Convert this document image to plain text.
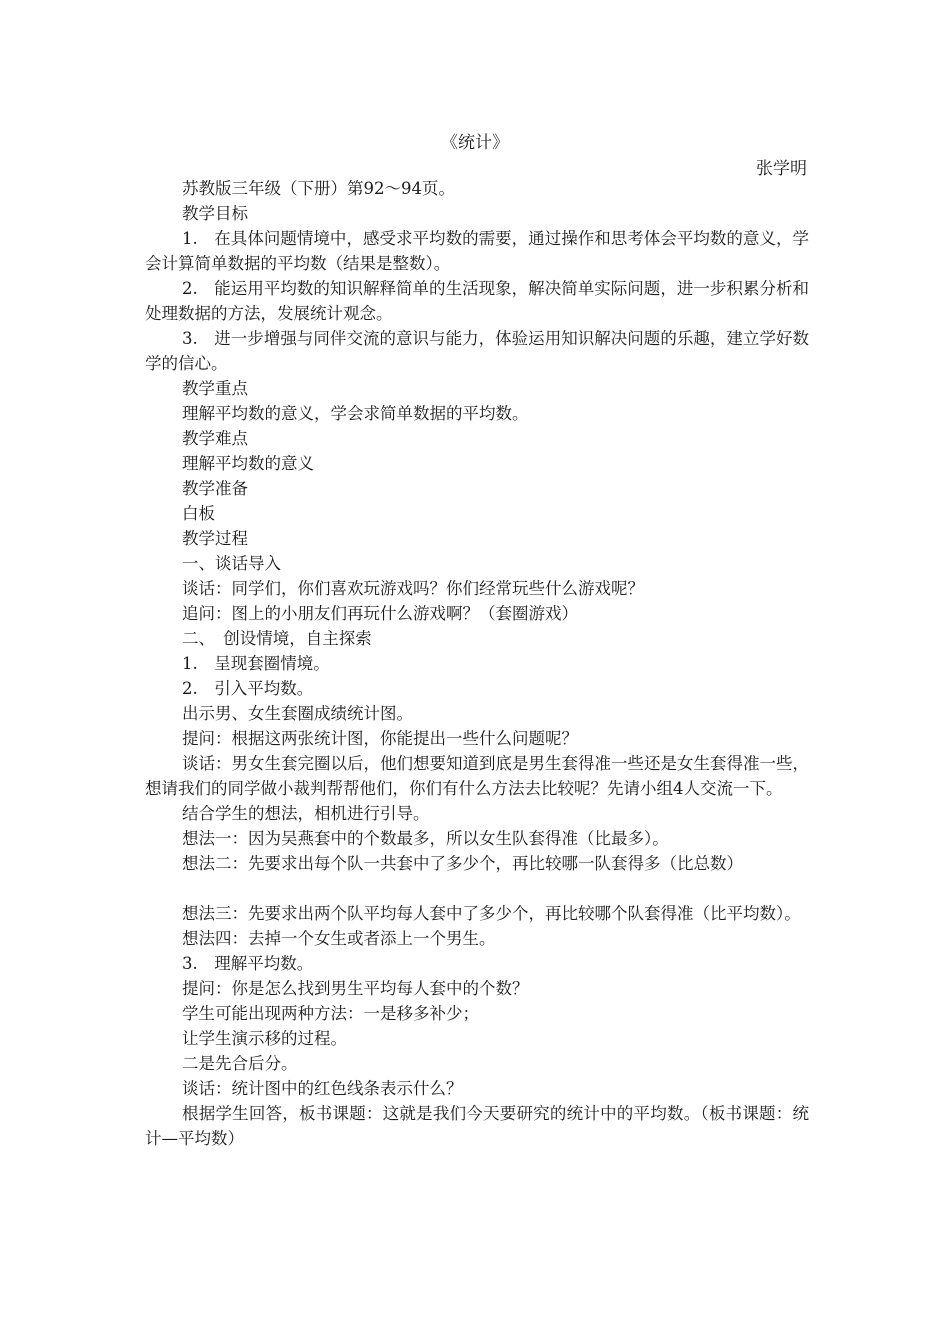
《统计》
张学明

苏教版三年级（下册）第92～94页。

教学目标

1.　在具体问题情境中，感受求平均数的需要，通过操作和思考体会平均数的意义，学会计算简单数据的平均数（结果是整数）。

2.　能运用平均数的知识解释简单的生活现象，解决简单实际问题，进一步积累分析和处理数据的方法，发展统计观念。

3.　进一步增强与同伴交流的意识与能力，体验运用知识解决问题的乐趣，建立学好数学的信心。

教学重点

理解平均数的意义，学会求简单数据的平均数。

教学难点

理解平均数的意义

教学准备

白板

教学过程

一、谈话导入

谈话：同学们，你们喜欢玩游戏吗？你们经常玩些什么游戏呢？

追问：图上的小朋友们再玩什么游戏啊？（套圈游戏）

二、　创设情境，自主探索

1.　呈现套圈情境。

2.　引入平均数。

出示男、女生套圈成绩统计图。

提问：根据这两张统计图，你能提出一些什么问题呢？

谈话：男女生套完圈以后，他们想要知道到底是男生套得准一些还是女生套得准一些，想请我们的同学做小裁判帮帮他们，你们有什么方法去比较呢？先请小组4人交流一下。

结合学生的想法，相机进行引导。

想法一：因为吴燕套中的个数最多，所以女生队套得准（比最多）。

想法二：先要求出每个队一共套中了多少个，再比较哪一队套得多（比总数）

想法三：先要求出两个队平均每人套中了多少个，再比较哪个队套得准（比平均数）。

想法四：去掉一个女生或者添上一个男生。

3.　理解平均数。

提问：你是怎么找到男生平均每人套中的个数？

学生可能出现两种方法：一是移多补少；

让学生演示移的过程。

二是先合后分。

谈话：统计图中的红色线条表示什么？

根据学生回答，板书课题：这就是我们今天要研究的统计中的平均数。（板书课题：统计—平均数）
